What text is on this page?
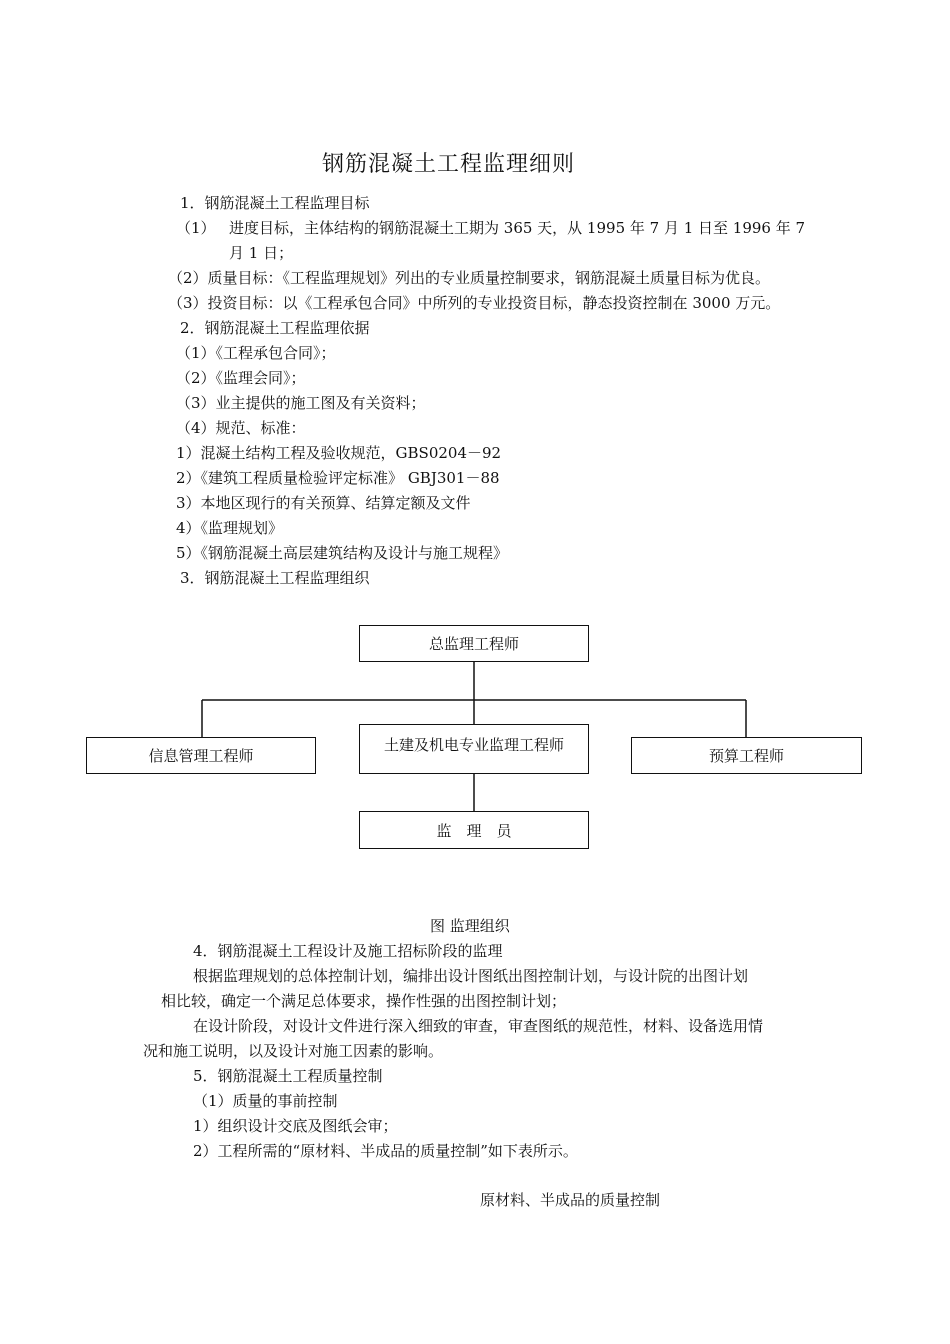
钢筋混凝土工程监理细则
1．钢筋混凝土工程监理目标
（1） 进度目标，主体结构的钢筋混凝土工期为 365 天，从 1995 年 7 月 1 日至 1996 年 7
月 1 日；
（2）质量目标：《工程监理规划》列出的专业质量控制要求，钢筋混凝土质量目标为优良。
（3）投资目标：以《工程承包合同》中所列的专业投资目标，静态投资控制在 3000 万元。
2．钢筋混凝土工程监理依据
（1）《工程承包合同》；
（2）《监理会同》；
（3）业主提供的施工图及有关资料；
（4）规范、标准：
1）混凝土结构工程及验收规范，GBS0204－92
2）《建筑工程质量检验评定标准》 GBJ301－88
3）本地区现行的有关预算、结算定额及文件
4）《监理规划》
5）《钢筋混凝土高层建筑结构及设计与施工规程》
3．钢筋混凝土工程监理组织
总监理工程师
信息管理工程师
土建及机电专业监理工程师
预算工程师
监　理　员
图 监理组织
4．钢筋混凝土工程设计及施工招标阶段的监理
根据监理规划的总体控制计划，编排出设计图纸出图控制计划，与设计院的出图计划
相比较，确定一个满足总体要求，操作性强的出图控制计划；
在设计阶段，对设计文件进行深入细致的审查，审查图纸的规范性，材料、设备选用情
况和施工说明，以及设计对施工因素的影响。
5．钢筋混凝土工程质量控制
（1）质量的事前控制
1）组织设计交底及图纸会审；
2）工程所需的“原材料、半成品的质量控制”如下表所示。
原材料、半成品的质量控制
